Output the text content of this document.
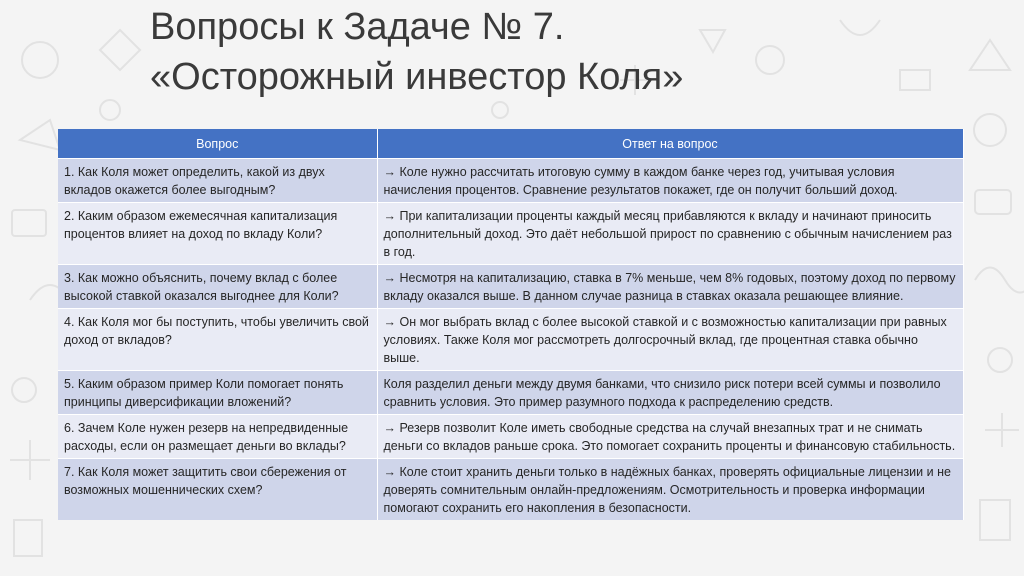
Вопросы к Задаче № 7.
«Осторожный инвестор Коля»
Вопрос	Ответ на вопрос
1. Как Коля может определить, какой из двух вкладов окажется более выгодным?	→ Коле нужно рассчитать итоговую сумму в каждом банке через год, учитывая условия начисления процентов. Сравнение результатов покажет, где он получит больший доход.
2. Каким образом ежемесячная капитализация процентов влияет на доход по вкладу Коли?	→ При капитализации проценты каждый месяц прибавляются к вкладу и начинают приносить дополнительный доход. Это даёт небольшой прирост по сравнению с обычным начислением раз в год.
3. Как можно объяснить, почему вклад с более высокой ставкой оказался выгоднее для Коли?	→ Несмотря на капитализацию, ставка в 7% меньше, чем 8% годовых, поэтому доход по первому вкладу оказался выше. В данном случае разница в ставках оказала решающее влияние.
4. Как Коля мог бы поступить, чтобы увеличить свой доход от вкладов?	→ Он мог выбрать вклад с более высокой ставкой и с возможностью капитализации при равных условиях. Также Коля мог рассмотреть долгосрочный вклад, где процентная ставка обычно выше.
5. Каким образом пример Коли помогает понять принципы диверсификации вложений?	Коля разделил деньги между двумя банками, что снизило риск потери всей суммы и позволило сравнить условия. Это пример разумного подхода к распределению средств.
6. Зачем Коле нужен резерв на непредвиденные расходы, если он размещает деньги во вклады?	→ Резерв позволит Коле иметь свободные средства на случай внезапных трат и не снимать деньги со вкладов раньше срока. Это помогает сохранить проценты и финансовую стабильность.
7. Как Коля может защитить свои сбережения от возможных мошеннических схем?	→ Коле стоит хранить деньги только в надёжных банках, проверять официальные лицензии и не доверять сомнительным онлайн-предложениям. Осмотрительность и проверка информации помогают сохранить его накопления в безопасности.
